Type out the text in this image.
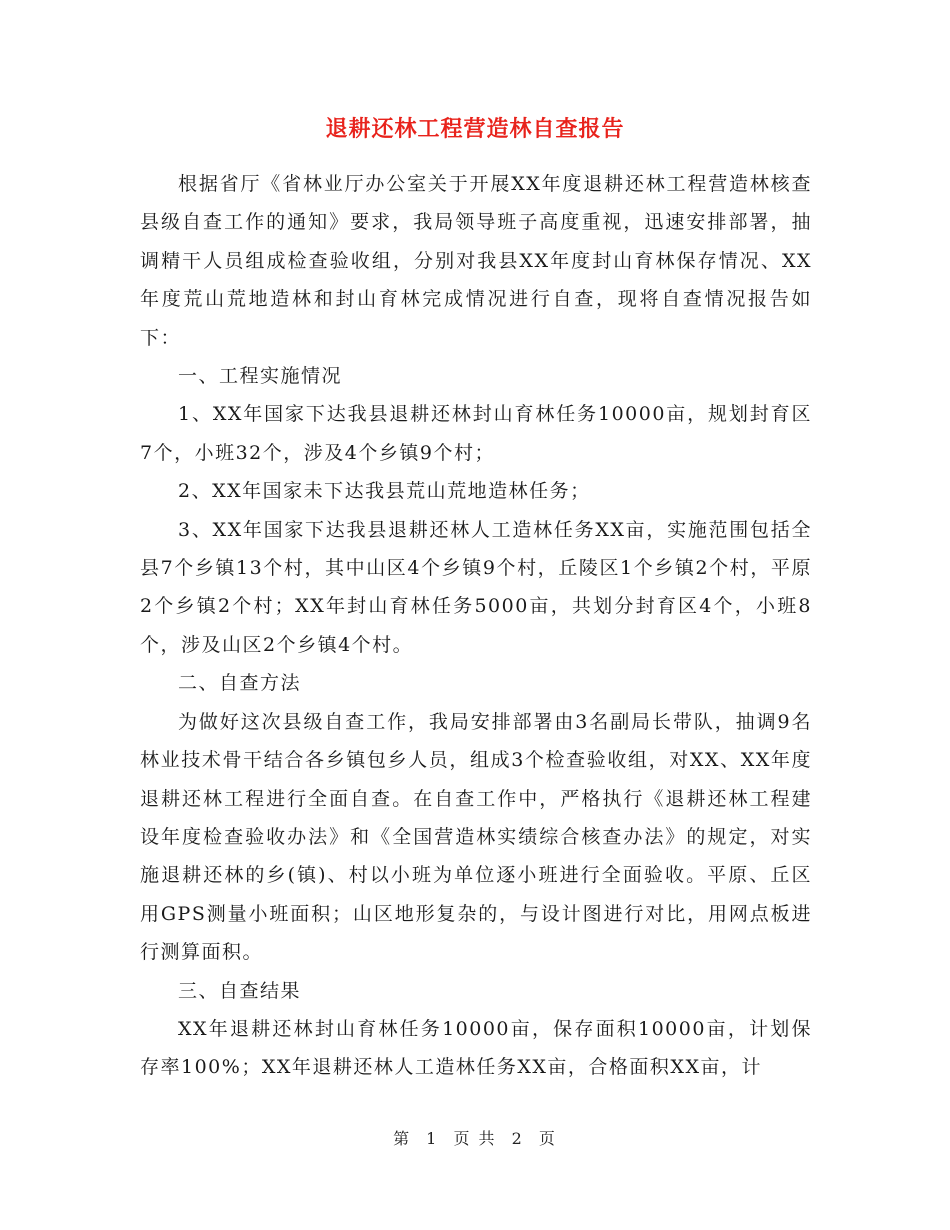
退耕还林工程营造林自查报告

根据省厅《省林业厅办公室关于开展XX年度退耕还林工程营造林核查县级自查工作的通知》要求，我局领导班子高度重视，迅速安排部署，抽调精干人员组成检查验收组，分别对我县XX年度封山育林保存情况、XX年度荒山荒地造林和封山育林完成情况进行自查，现将自查情况报告如下：

一、工程实施情况

1、XX年国家下达我县退耕还林封山育林任务10000亩，规划封育区7个，小班32个，涉及4个乡镇9个村；

2、XX年国家未下达我县荒山荒地造林任务；

3、XX年国家下达我县退耕还林人工造林任务XX亩，实施范围包括全县7个乡镇13个村，其中山区4个乡镇9个村，丘陵区1个乡镇2个村，平原2个乡镇2个村；XX年封山育林任务5000亩，共划分封育区4个，小班8个，涉及山区2个乡镇4个村。

二、自查方法

为做好这次县级自查工作，我局安排部署由3名副局长带队，抽调9名林业技术骨干结合各乡镇包乡人员，组成3个检查验收组，对XX、XX年度退耕还林工程进行全面自查。在自查工作中，严格执行《退耕还林工程建设年度检查验收办法》和《全国营造林实绩综合核查办法》的规定，对实施退耕还林的乡(镇)、村以小班为单位逐小班进行全面验收。平原、丘区用GPS测量小班面积；山区地形复杂的，与设计图进行对比，用网点板进行测算面积。

三、自查结果

XX年退耕还林封山育林任务10000亩，保存面积10000亩，计划保存率100%；XX年退耕还林人工造林任务XX亩，合格面积XX亩，计

第 1 页 共 2 页
